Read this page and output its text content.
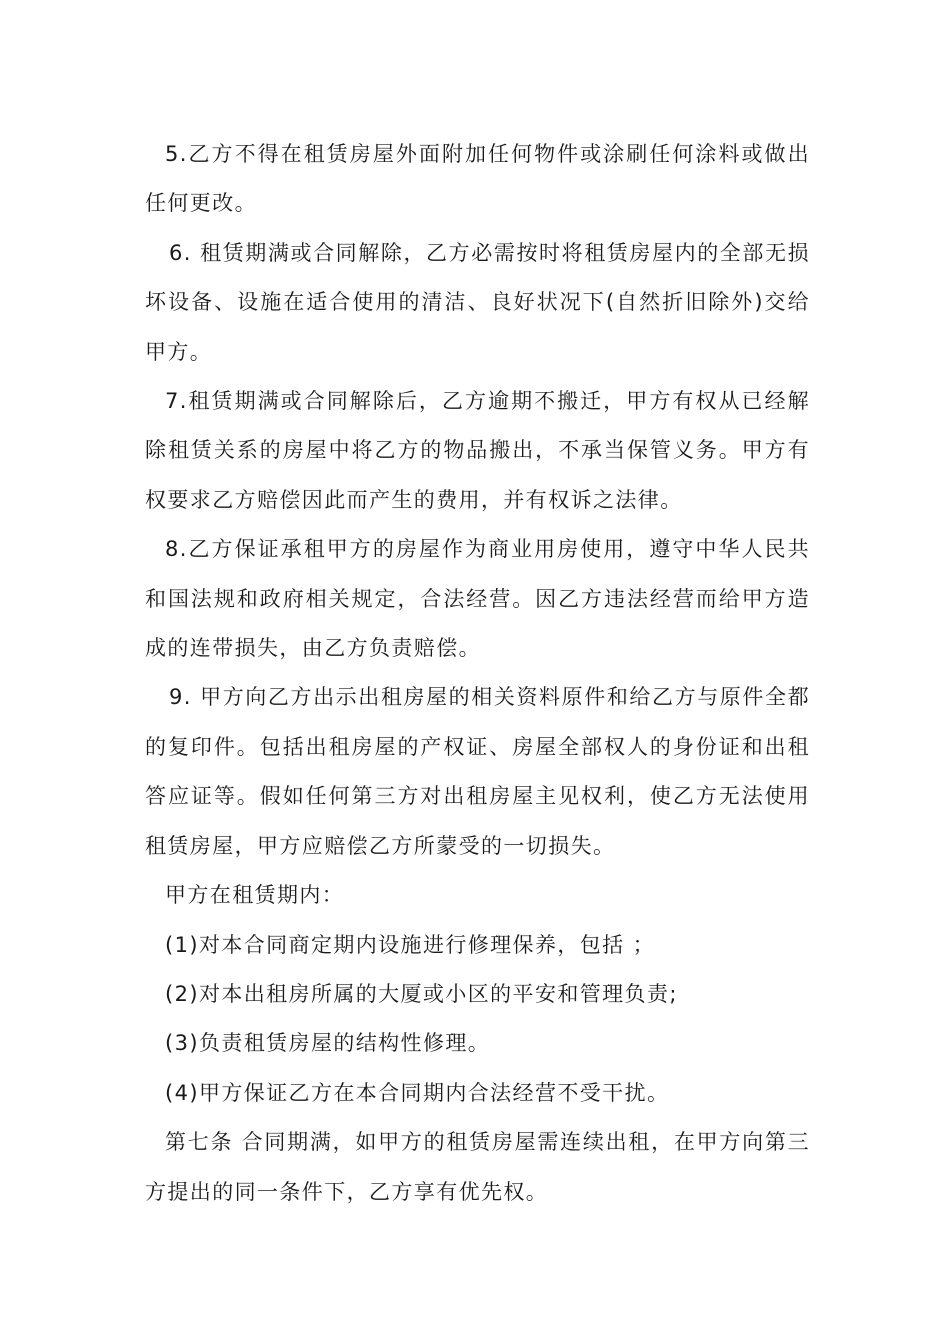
5.乙方不得在租赁房屋外面附加任何物件或涂刷任何涂料或做出任何更改。

6. 租赁期满或合同解除，乙方必需按时将租赁房屋内的全部无损坏设备、设施在适合使用的清洁、良好状况下(自然折旧除外)交给甲方。

7.租赁期满或合同解除后，乙方逾期不搬迁，甲方有权从已经解除租赁关系的房屋中将乙方的物品搬出，不承当保管义务。甲方有权要求乙方赔偿因此而产生的费用，并有权诉之法律。

8.乙方保证承租甲方的房屋作为商业用房使用，遵守中华人民共和国法规和政府相关规定，合法经营。因乙方违法经营而给甲方造成的连带损失，由乙方负责赔偿。

9. 甲方向乙方出示出租房屋的相关资料原件和给乙方与原件全都的复印件。包括出租房屋的产权证、房屋全部权人的身份证和出租答应证等。假如任何第三方对出租房屋主见权利，使乙方无法使用租赁房屋，甲方应赔偿乙方所蒙受的一切损失。

甲方在租赁期内：

(1)对本合同商定期内设施进行修理保养，包括 ；

(2)对本出租房所属的大厦或小区的平安和管理负责;

(3)负责租赁房屋的结构性修理。

(4)甲方保证乙方在本合同期内合法经营不受干扰。

第七条 合同期满，如甲方的租赁房屋需连续出租，在甲方向第三方提出的同一条件下，乙方享有优先权。
